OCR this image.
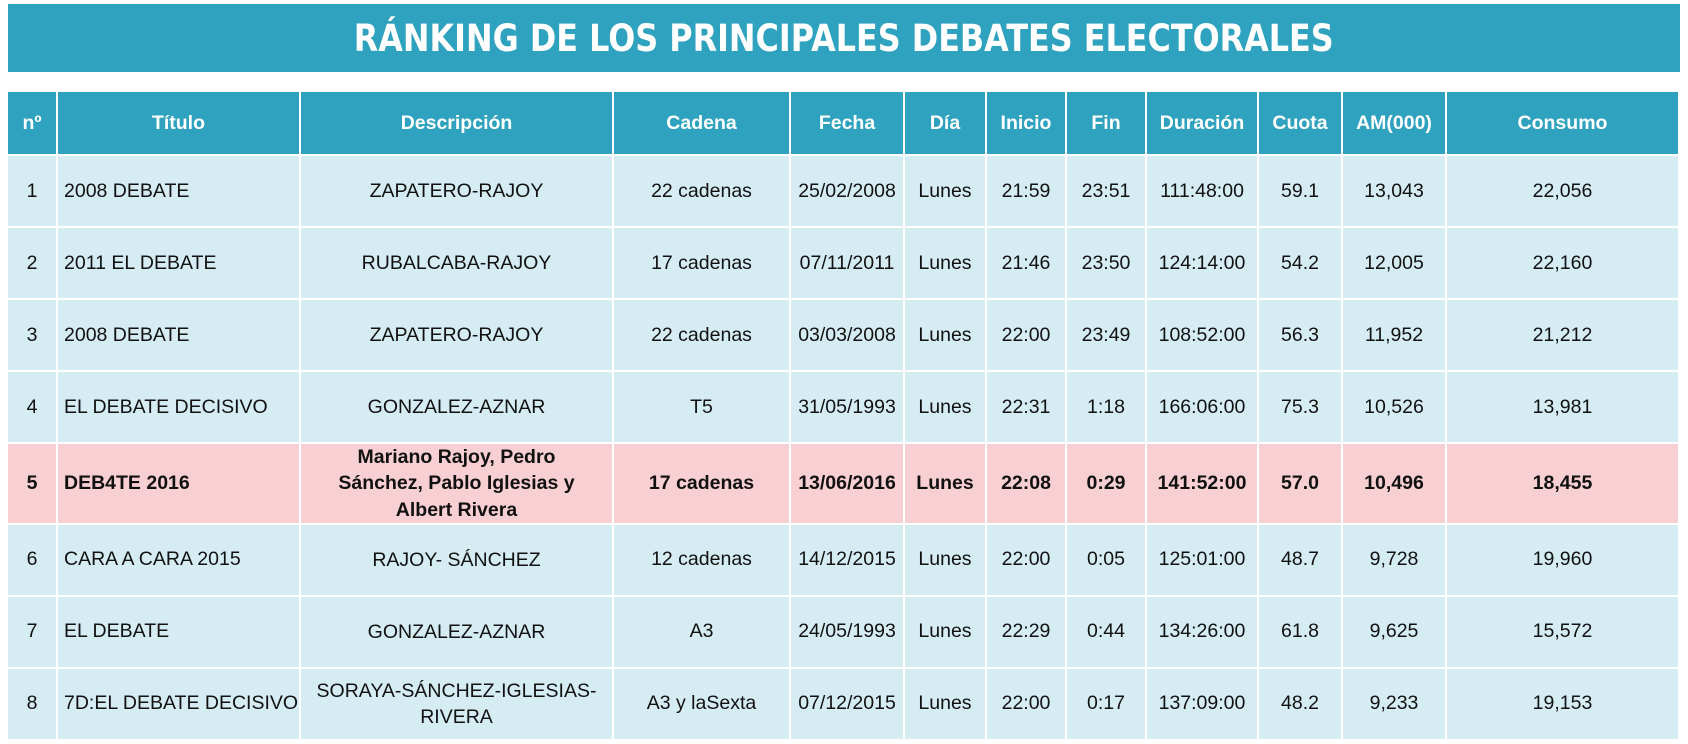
RÁNKING DE LOS PRINCIPALES DEBATES ELECTORALES
nº	Título	Descripción	Cadena	Fecha	Día	Inicio	Fin	Duración	Cuota	AM(000)	Consumo
1	2008 DEBATE	ZAPATERO-RAJOY	22 cadenas	25/02/2008	Lunes	21:59	23:51	111:48:00	59.1	13,043	22,056
2	2011 EL DEBATE	RUBALCABA-RAJOY	17 cadenas	07/11/2011	Lunes	21:46	23:50	124:14:00	54.2	12,005	22,160
3	2008 DEBATE	ZAPATERO-RAJOY	22 cadenas	03/03/2008	Lunes	22:00	23:49	108:52:00	56.3	11,952	21,212
4	EL DEBATE DECISIVO	GONZALEZ-AZNAR	T5	31/05/1993	Lunes	22:31	1:18	166:06:00	75.3	10,526	13,981
5	DEB4TE 2016	Mariano Rajoy, Pedro Sánchez, Pablo Iglesias y Albert Rivera	17 cadenas	13/06/2016	Lunes	22:08	0:29	141:52:00	57.0	10,496	18,455
6	CARA A CARA 2015	RAJOY- SÁNCHEZ	12 cadenas	14/12/2015	Lunes	22:00	0:05	125:01:00	48.7	9,728	19,960
7	EL DEBATE	GONZALEZ-AZNAR	A3	24/05/1993	Lunes	22:29	0:44	134:26:00	61.8	9,625	15,572
8	7D:EL DEBATE DECISIVO	SORAYA-SÁNCHEZ-IGLESIAS-RIVERA	A3 y laSexta	07/12/2015	Lunes	22:00	0:17	137:09:00	48.2	9,233	19,153
